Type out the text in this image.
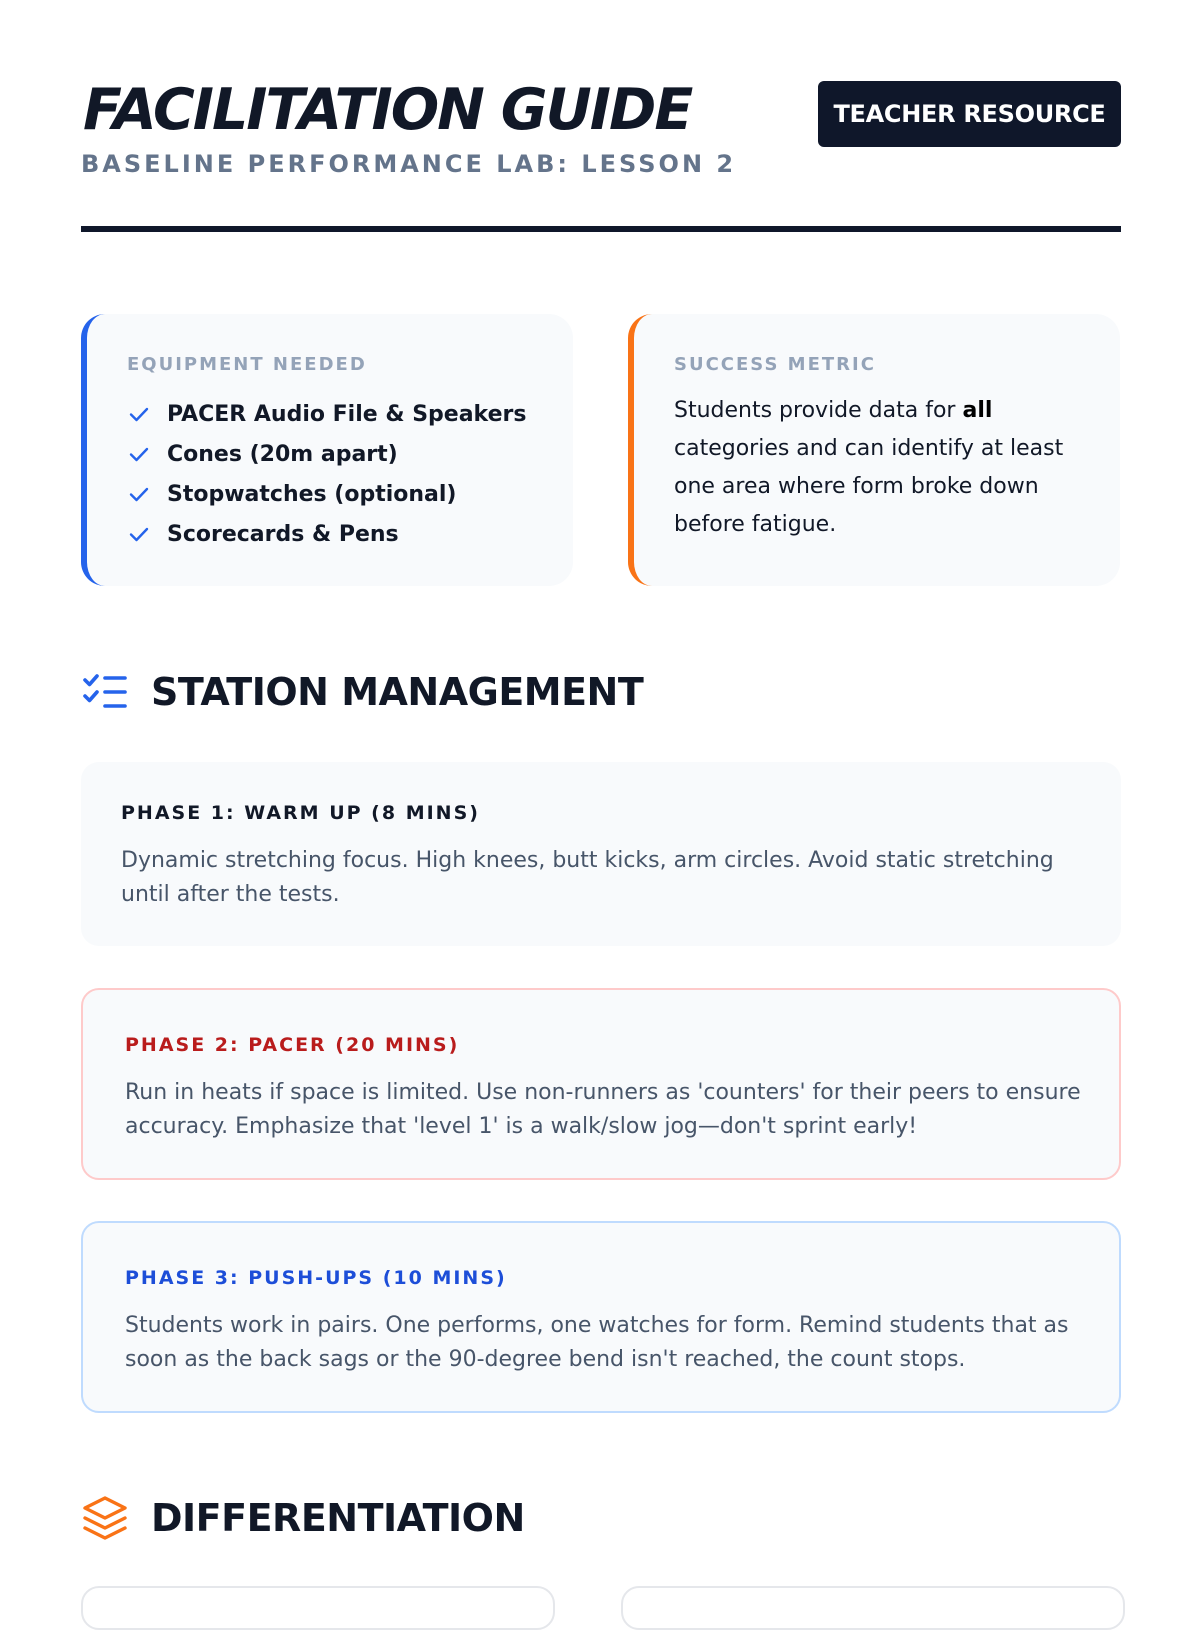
FACILITATION GUIDE
BASELINE PERFORMANCE LAB: LESSON 2
TEACHER RESOURCE
EQUIPMENT NEEDED
PACER Audio File & Speakers
Cones (20m apart)
Stopwatches (optional)
Scorecards & Pens
SUCCESS METRIC
Students provide data for all categories and can identify at least one area where form broke down before fatigue.
STATION MANAGEMENT
PHASE 1: WARM UP (8 MINS)
Dynamic stretching focus. High knees, butt kicks, arm circles. Avoid static stretching until after the tests.
PHASE 2: PACER (20 MINS)
Run in heats if space is limited. Use non-runners as 'counters' for their peers to ensure accuracy. Emphasize that 'level 1' is a walk/slow jog—don't sprint early!
PHASE 3: PUSH-UPS (10 MINS)
Students work in pairs. One performs, one watches for form. Remind students that as soon as the back sags or the 90-degree bend isn't reached, the count stops.
DIFFERENTIATION
